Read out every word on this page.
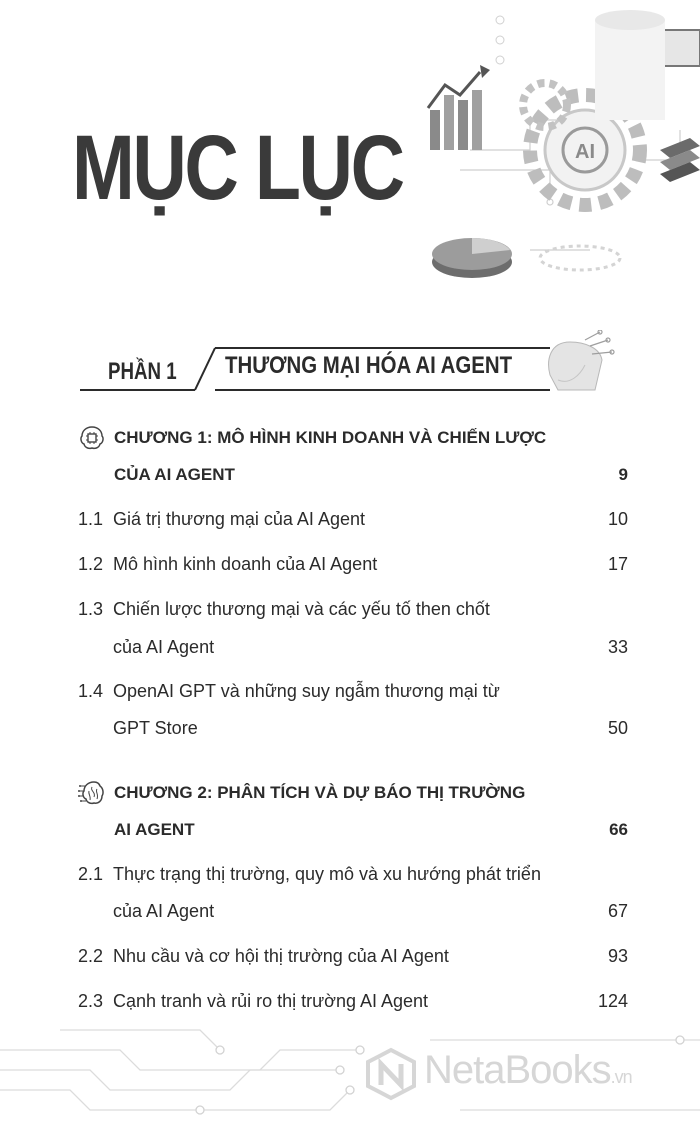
MỤC LỤC	AI
PHẦN 1 THƯƠNG MẠI HÓA AI AGENT
CHƯƠNG 1: MÔ HÌNH KINH DOANH VÀ CHIẾN LƯỢC
CỦA AI AGENT	9
1.1 Giá trị thương mại của AI Agent	10
1.2 Mô hình kinh doanh của AI Agent	17
1.3 Chiến lược thương mại và các yếu tố then chốt
của AI Agent	33
1.4 OpenAI GPT và những suy ngẫm thương mại từ
GPT Store	50
CHƯƠNG 2: PHÂN TÍCH VÀ DỰ BÁO THỊ TRƯỜNG
AI AGENT	66
2.1 Thực trạng thị trường, quy mô và xu hướng phát triển
của AI Agent	67
2.2 Nhu cầu và cơ hội thị trường của AI Agent	93
2.3 Cạnh tranh và rủi ro thị trường AI Agent	124
NetaBooks.vn
